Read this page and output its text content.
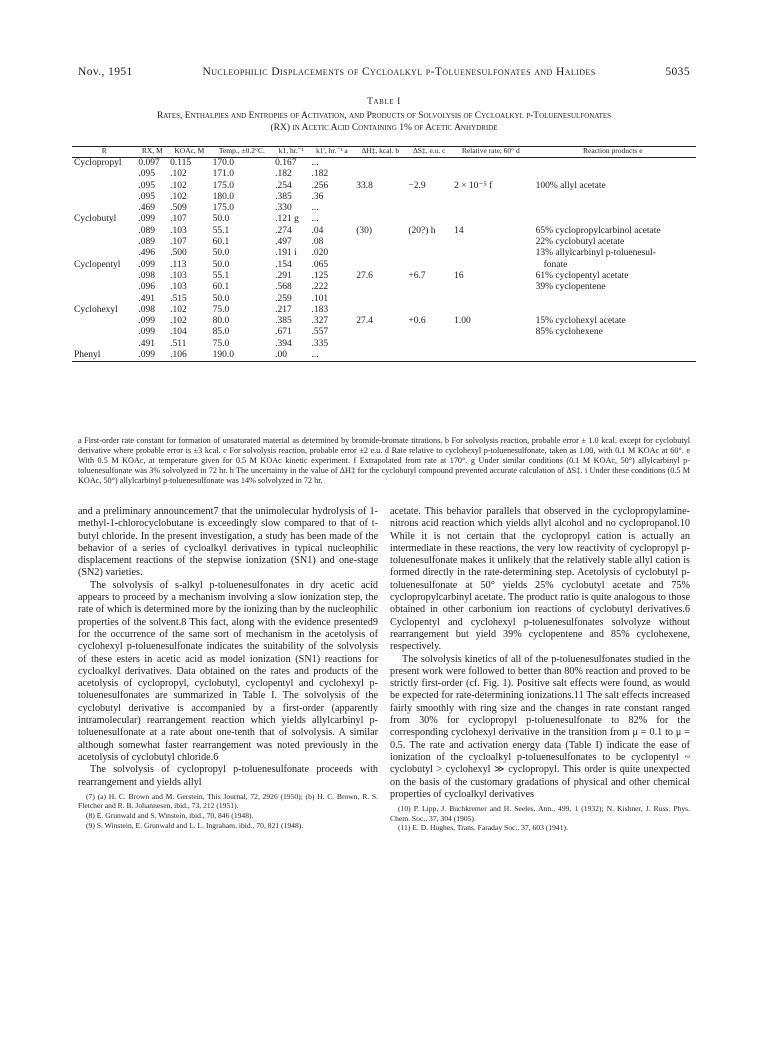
Nov., 1951	Nucleophilic Displacements of Cycloalkyl p-Toluenesulfonates and Halides	5035
Table I
Rates, Enthalpies and Entropies of Activation, and Products of Solvolysis of Cycloalkyl p-Toluenesulfonates
(RX) in Acetic Acid Containing 1% of Acetic Anhydride
R	RX, M	KOAc, M	Temp., ±0.2°C.	k1, hr.⁻¹	k1', hr.⁻¹ a	ΔH‡, kcal. b	ΔS‡, e.u. c	Relative rate, 60° d	Reaction products e
Cyclopropyl	0.097	0.115	170.0	0.167	...				
	.095	.102	171.0	.182	.182				
	.095	.102	175.0	.254	.256	33.8	−2.9	2 × 10⁻⁵ f	100% allyl acetate
	.095	.102	180.0	.385	.36				
	.469	.509	175.0	.330	...				
Cyclobutyl	.099	.107	50.0	.121 g	...				
	.089	.103	55.1	.274	.04	(30)	(20?) h	14	65% cyclopropylcarbinol acetate
	.089	.107	60.1	.497	.08				22% cyclobutyl acetate
	.496	.500	50.0	.191 i	.020				13% allylcarbinyl p-toluenesul-
Cyclopentyl	.099	.113	50.0	.154	.065				fonate
	.098	.103	55.1	.291	.125	27.6	+6.7	16	61% cyclopentyl acetate
	.096	.103	60.1	.568	.222				39% cyclopentene
	.491	.515	50.0	.259	.101				
Cyclohexyl	.098	.102	75.0	.217	.183				
	.099	.102	80.0	.385	.327	27.4	+0.6	1.00	15% cyclohexyl acetate
	.099	.104	85.0	.671	.557				85% cyclohexene
	.491	.511	75.0	.394	.335				
Phenyl	.099	.106	190.0	.00	...				
a First-order rate constant for formation of unsaturated material as determined by bromide-bromate titrations. b For solvolysis reaction, probable error ± 1.0 kcal. except for cyclobutyl derivative where probable error is ±3 kcal. c For solvolysis reaction, probable error ±2 e.u. d Rate relative to cyclohexyl p-toluenesulfonate, taken as 1.00, with 0.1 M KOAc at 60°. e With 0.5 M KOAc, at temperature given for 0.5 M KOAc kinetic experiment. f Extrapolated from rate at 170°. g Under similar conditions (0.1 M KOAc, 50°) allylcarbinyl p-toluenesulfonate was 3% solvolyzed in 72 hr. h The uncertainty in the value of ΔH‡ for the cyclobutyl compound prevented accurate calculation of ΔS‡. i Under these conditions (0.5 M KOAc, 50°) allylcarbinyl p-toluenesulfonate was 14% solvolyzed in 72 hr.

and a preliminary announcement7 that the unimolecular hydrolysis of 1-methyl-1-chlorocyclobutane is exceedingly slow compared to that of t-butyl chloride. In the present investigation, a study has been made of the behavior of a series of cycloalkyl derivatives in typical nucleophilic displacement reactions of the stepwise ionization (SN1) and one-stage (SN2) varieties.

The solvolysis of s-alkyl p-toluenesulfonates in dry acetic acid appears to proceed by a mechanism involving a slow ionization step, the rate of which is determined more by the ionizing than by the nucleophilic properties of the solvent.8 This fact, along with the evidence presented9 for the occurrence of the same sort of mechanism in the acetolysis of cyclohexyl p-toluenesulfonate indicates the suitability of the solvolysis of these esters in acetic acid as model ionization (SN1) reactions for cycloalkyl derivatives. Data obtained on the rates and products of the acetolysis of cyclopropyl, cyclobutyl, cyclopentyl and cyclohexyl p-toluenesulfonates are summarized in Table I. The solvolysis of the cyclobutyl derivative is accompanied by a first-order (apparently intramolecular) rearrangement reaction which yields allylcarbinyl p-toluenesulfonate at a rate about one-tenth that of solvolysis. A similar although somewhat faster rearrangement was noted previously in the acetolysis of cyclobutyl chloride.6

The solvolysis of cyclopropyl p-toluenesulfonate proceeds with rearrangement and yields allyl

(7) (a) H. C. Brown and M. Gerstein, This Journal, 72, 2926 (1950); (b) H. C. Brown, R. S. Fletcher and R. B. Johannesen, ibid., 73, 212 (1951).
(8) E. Grunwald and S. Winstein, ibid., 70, 846 (1948).
(9) S. Winstein, E. Grunwald and L. L. Ingraham, ibid., 70, 821 (1948).

acetate. This behavior parallels that observed in the cyclopropylamine-nitrous acid reaction which yields allyl alcohol and no cyclopropanol.10 While it is not certain that the cyclopropyl cation is actually an intermediate in these reactions, the very low reactivity of cyclopropyl p-toluenesulfonate makes it unlikely that the relatively stable allyl cation is formed directly in the rate-determining step. Acetolysis of cyclobutyl p-toluenesulfonate at 50° yields 25% cyclobutyl acetate and 75% cyclopropylcarbinyl acetate. The product ratio is quite analogous to those obtained in other carbonium ion reactions of cyclobutyl derivatives.6 Cyclopentyl and cyclohexyl p-toluenesulfonates solvolyze without rearrangement but yield 39% cyclopentene and 85% cyclohexene, respectively.

The solvolysis kinetics of all of the p-toluenesulfonates studied in the present work were followed to better than 80% reaction and proved to be strictly first-order (cf. Fig. 1). Positive salt effects were found, as would be expected for rate-determining ionizations.11 The salt effects increased fairly smoothly with ring size and the changes in rate constant ranged from 30% for cyclopropyl p-toluenesulfonate to 82% for the corresponding cyclohexyl derivative in the transition from μ = 0.1 to μ = 0.5. The rate and activation energy data (Table I) indicate the ease of ionization of the cycloalkyl p-toluenesulfonates to be cyclopentyl ~ cyclobutyl > cyclohexyl ≫ cyclopropyl. This order is quite unexpected on the basis of the customary gradations of physical and other chemical properties of cycloalkyl derivatives

(10) P. Lipp, J. Buchkremer and H. Seeles, Ann., 499, 1 (1932); N. Kishner, J. Russ. Phys. Chem. Soc., 37, 304 (1905).
(11) E. D. Hughes, Trans. Faraday Soc., 37, 603 (1941).
